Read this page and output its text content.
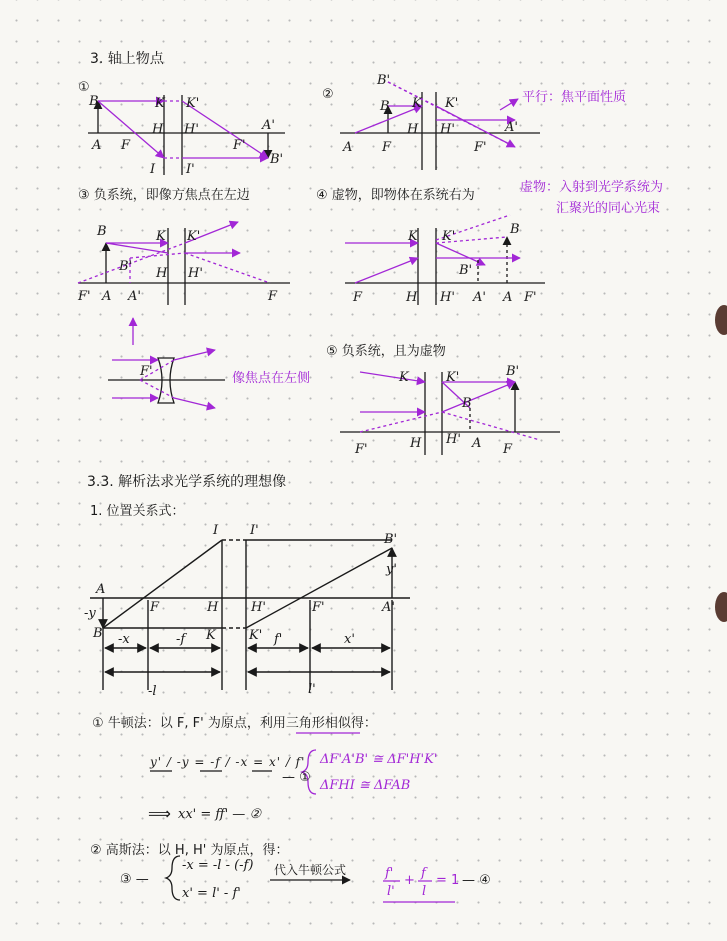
3. 轴上物点
①
B	K K'
H H'	A'
A F	F'
I I'
B'
②
B'
B K K'
H H'	A'
A F	F'
平行：焦平面性质
③ 负系统，即像方焦点在左边
B	K K'
B' H H'
F' A A'	F
F'	像焦点在左侧
④ 虚物，即物体在系统右为
虚物：入射到光学系统为
汇聚光的同心光束
K K'	B
B'
F	H H' A' A F'
⑤ 负系统，且为虚物
K	K'	B'
B
H H' A
F'	F
3.3. 解析法求光学系统的理想像
1. 位置关系式：
I I'
B'
y'
A
F	H	H'	F'	A'
-y
B	K	K'
-x	-f	f'	x'
-l	l'
① 牛顿法：以 F, F' 为原点，利用三角形相似得：
y' / -y = -f / -x = x' / f'
— ①
ΔF'A'B' ≅ ΔF'H'K'
ΔFHI ≅ ΔFAB
⟹ xx' = ff' — ②
② 高斯法：以 H, H' 为原点，得：
③ —
-x = -l - (-f)
x' = l' - f'
代入牛顿公式	f'
l'
+ f
l
= 1 — ④
